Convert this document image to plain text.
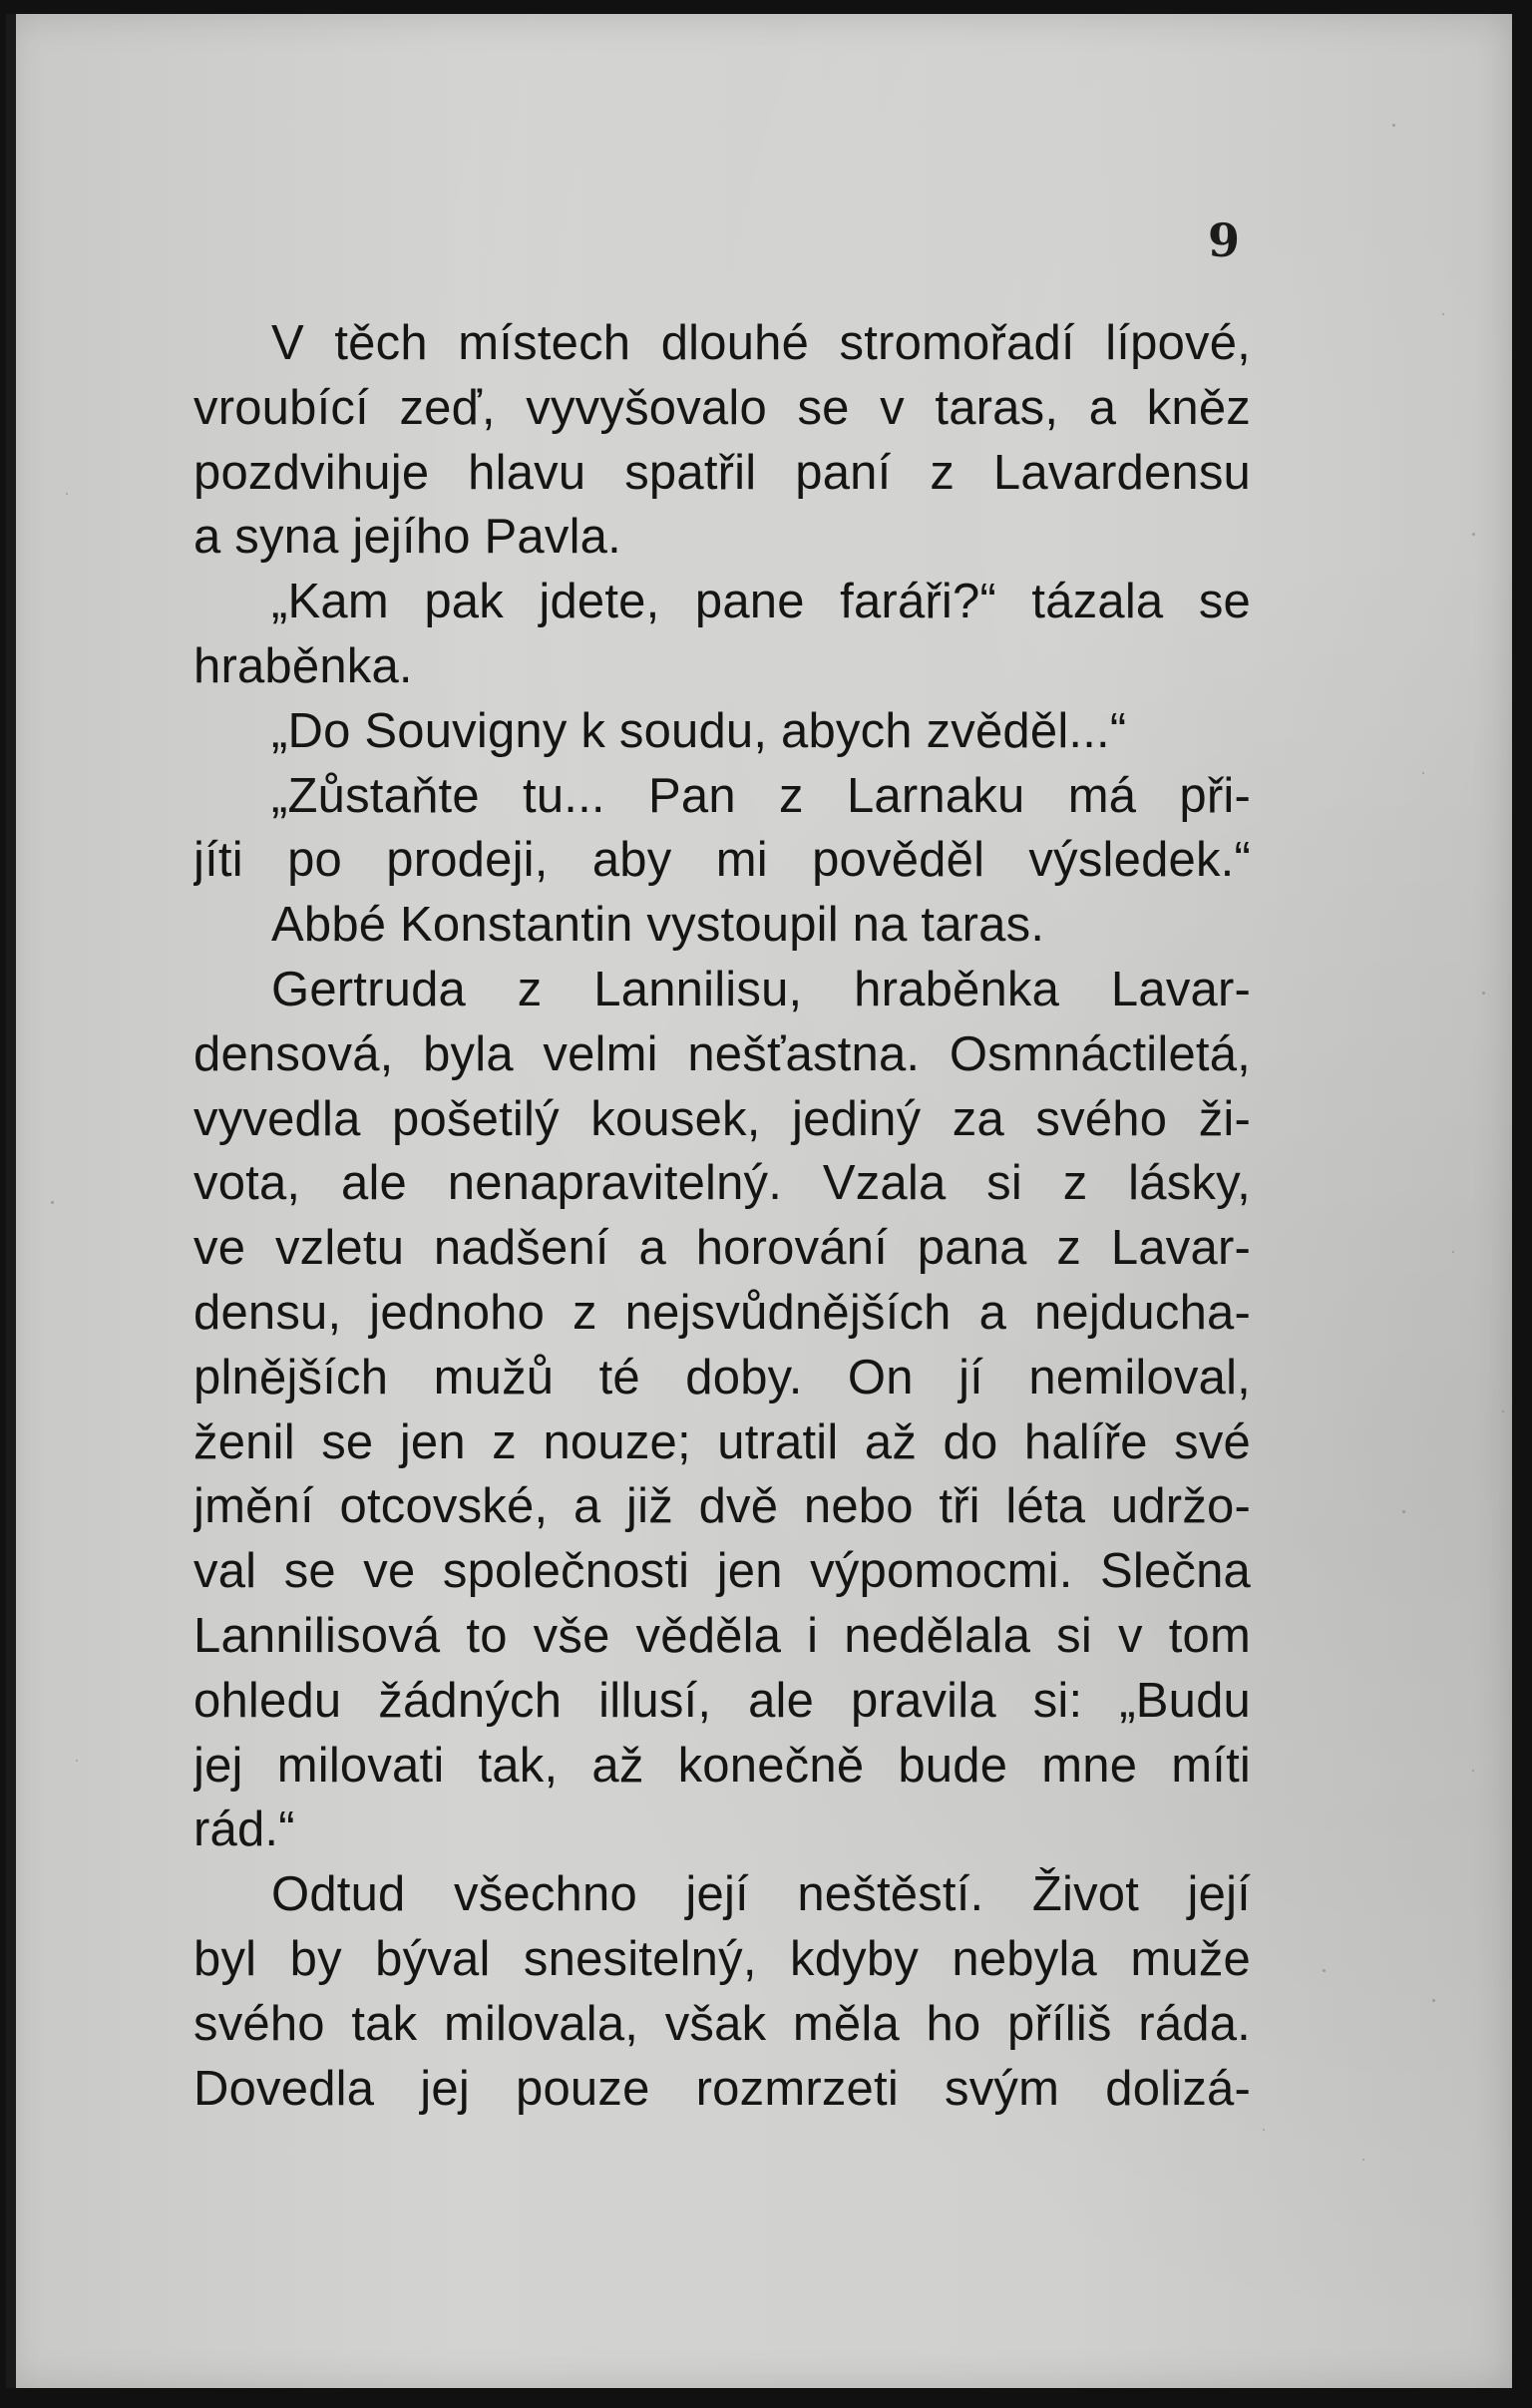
9

V těch místech dlouhé stromořadí lípové,
vroubící zeď, vyvyšovalo se v taras, a kněz
pozdvihuje hlavu spatřil paní z Lavardensu
a syna jejího Pavla.
„Kam pak jdete, pane faráři?“ tázala se
hraběnka.
„Do Souvigny k soudu, abych zvěděl...“
„Zůstaňte tu... Pan z Larnaku má při-
jíti po prodeji, aby mi pověděl výsledek.“
Abbé Konstantin vystoupil na taras.
Gertruda z Lannilisu, hraběnka Lavar-
densová, byla velmi nešťastna. Osmnáctiletá,
vyvedla pošetilý kousek, jediný za svého ži-
vota, ale nenapravitelný. Vzala si z lásky,
ve vzletu nadšení a horování pana z Lavar-
densu, jednoho z nejsvůdnějších a nejducha-
plnějších mužů té doby. On jí nemiloval,
ženil se jen z nouze; utratil až do halíře své
jmění otcovské, a již dvě nebo tři léta udržo-
val se ve společnosti jen výpomocmi. Slečna
Lannilisová to vše věděla i nedělala si v tom
ohledu žádných illusí, ale pravila si: „Budu
jej milovati tak, až konečně bude mne míti
rád.“
Odtud všechno její neštěstí. Život její
byl by býval snesitelný, kdyby nebyla muže
svého tak milovala, však měla ho příliš ráda.
Dovedla jej pouze rozmrzeti svým dolizá-
